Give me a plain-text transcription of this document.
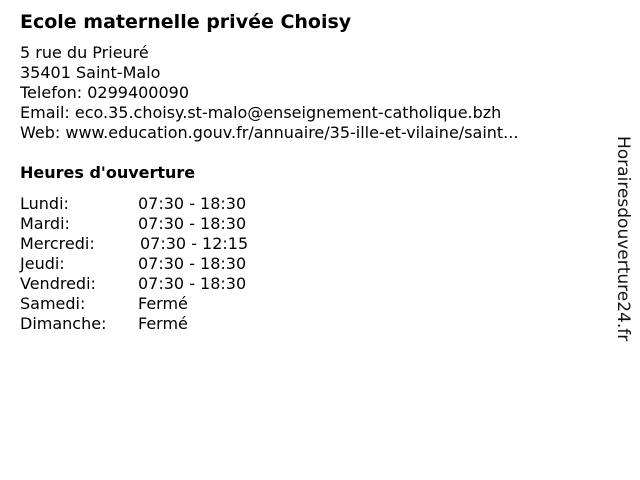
Ecole maternelle privée Choisy
5 rue du Prieuré
35401 Saint-Malo
Telefon: 0299400090
Email: eco.35.choisy.st-malo@enseignement-catholique.bzh
Web: www.education.gouv.fr/annuaire/35-ille-et-vilaine/saint...
Heures d'ouverture
Lundi:	07:30 - 18:30
Mardi:	07:30 - 18:30
Mercredi:	07:30 - 12:15
Jeudi:	07:30 - 18:30
Vendredi:	07:30 - 18:30
Samedi:	Fermé
Dimanche: Fermé	Horairesdouverture24.fr
